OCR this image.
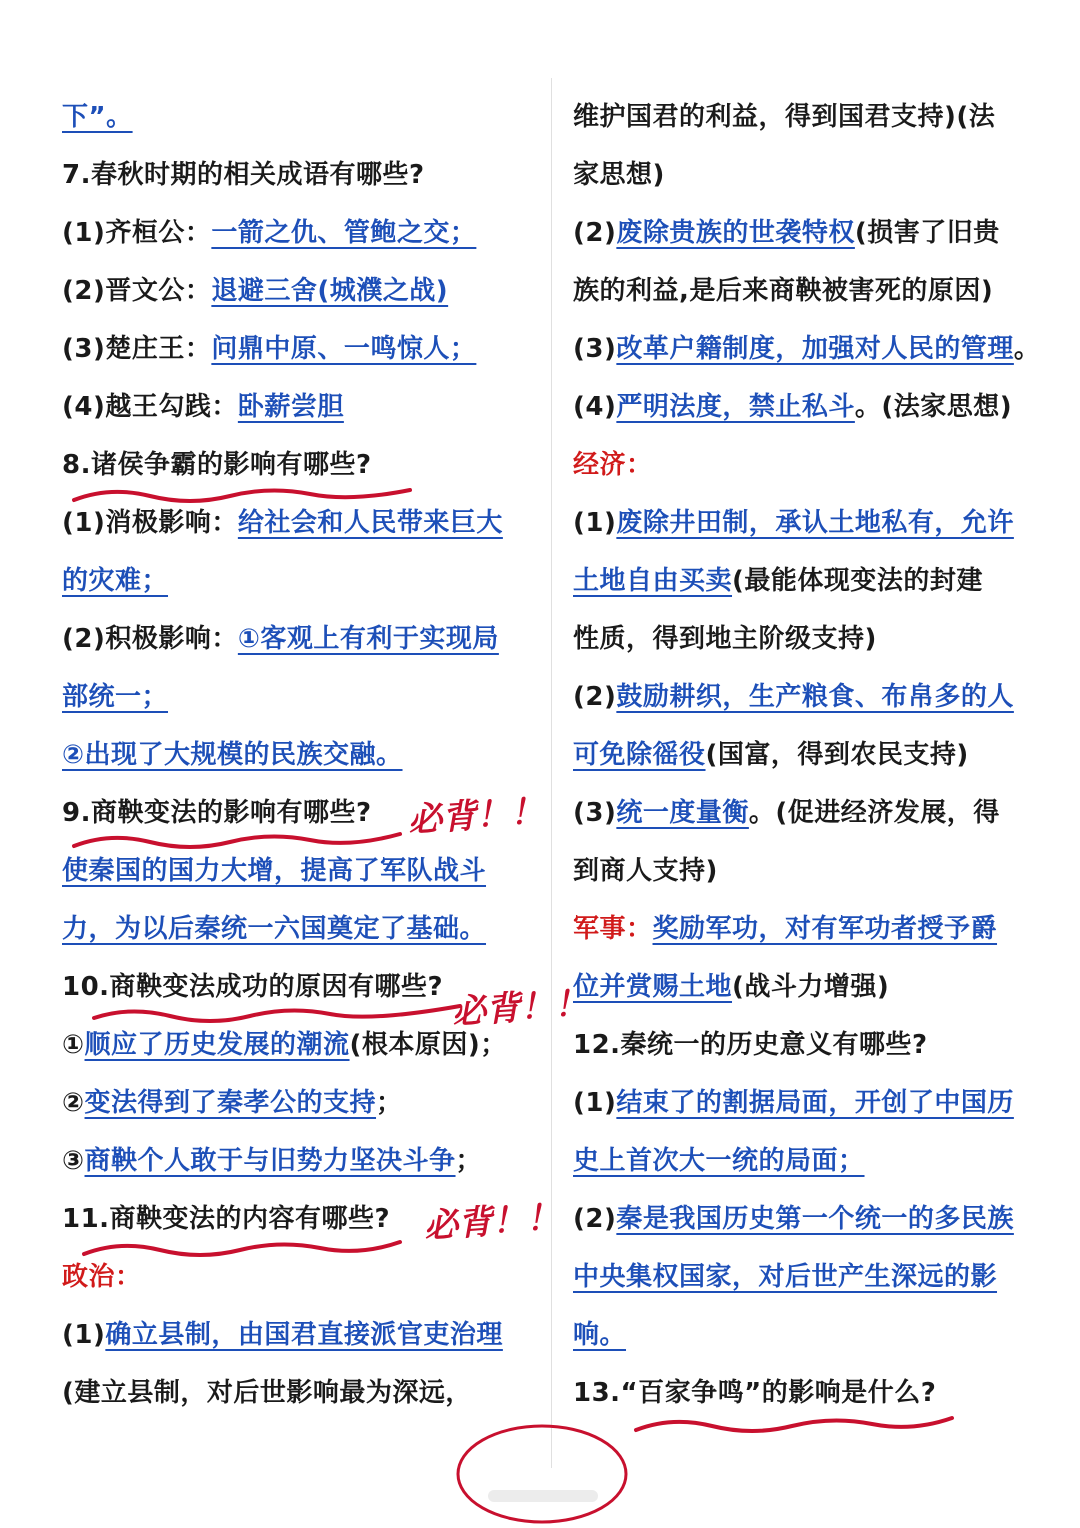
下”。
7.春秋时期的相关成语有哪些?
(1)齐桓公：一箭之仇、管鲍之交；
(2)晋文公：退避三舍(城濮之战)
(3)楚庄王：问鼎中原、一鸣惊人；
(4)越王勾践：卧薪尝胆
8.诸侯争霸的影响有哪些?
(1)消极影响：给社会和人民带来巨大
的灾难；
(2)积极影响：①客观上有利于实现局
部统一；
②出现了大规模的民族交融。
9.商鞅变法的影响有哪些?
使秦国的国力大增，提高了军队战斗
力，为以后秦统一六国奠定了基础。
10.商鞅变法成功的原因有哪些?
①顺应了历史发展的潮流(根本原因)；
②变法得到了秦孝公的支持；
③商鞅个人敢于与旧势力坚决斗争；
11.商鞅变法的内容有哪些?
政治：
(1)确立县制，由国君直接派官吏治理
(建立县制，对后世影响最为深远，
维护国君的利益，得到国君支持)(法
家思想)
(2)废除贵族的世袭特权(损害了旧贵
族的利益,是后来商鞅被害死的原因)
(3)改革户籍制度，加强对人民的管理。
(4)严明法度，禁止私斗。(法家思想)
经济：
(1)废除井田制，承认土地私有，允许
土地自由买卖(最能体现变法的封建
性质，得到地主阶级支持)
(2)鼓励耕织，生产粮食、布帛多的人
可免除徭役(国富，得到农民支持)
(3)统一度量衡。(促进经济发展，得
到商人支持)
军事：奖励军功，对有军功者授予爵
位并赏赐土地(战斗力增强)
12.秦统一的历史意义有哪些?
(1)结束了的割据局面，开创了中国历
史上首次大一统的局面；
(2)秦是我国历史第一个统一的多民族
中央集权国家，对后世产生深远的影
响。
13.“百家争鸣”的影响是什么?
必背！！
必背！！
必背！！
